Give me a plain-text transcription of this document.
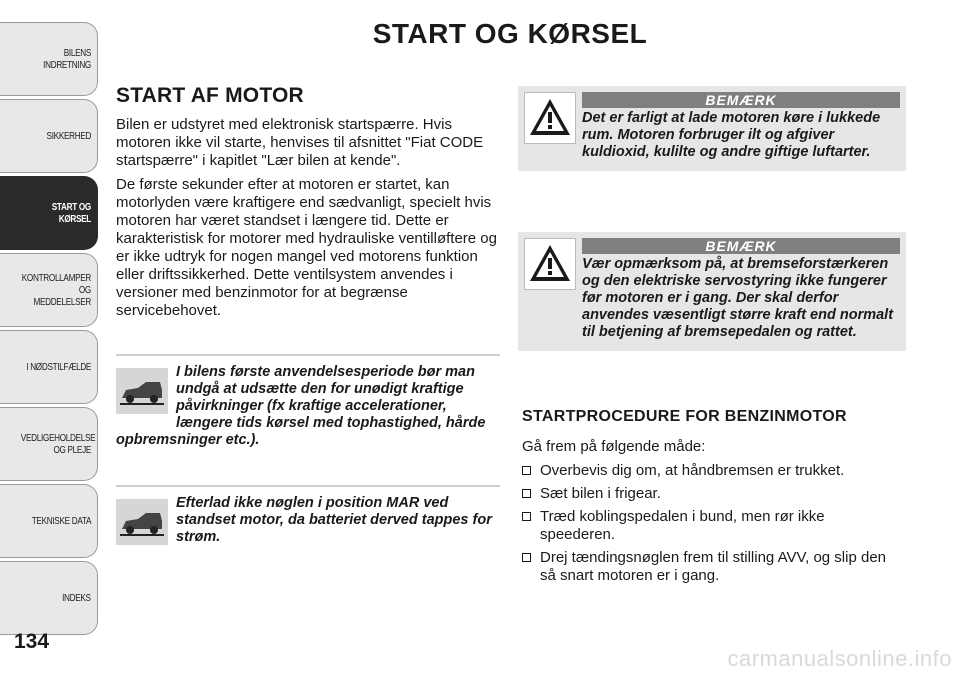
BILENS INDRETNING
SIKKERHED
START OG KØRSEL
KONTROLLAMPER OG MEDDELELSER
I NØDSTILFÆLDE
VEDLIGEHOLDELSE OG PLEJE
TEKNISKE DATA
INDEKS
134
START OG KØRSEL
START AF MOTOR

Bilen er udstyret med elektronisk startspærre. Hvis motoren ikke vil starte, henvises til afsnittet "Fiat CODE startspærre" i kapitlet "Lær bilen at kende".

De første sekunder efter at motoren er startet, kan motorlyden være kraftigere end sædvanligt, specielt hvis motoren har været standset i længere tid. Dette er karakteristisk for motorer med hydrauliske ventilløftere og er ikke udtryk for nogen mangel ved motorens funktion eller driftssikkerhed. Dette ventilsystem anvendes i versioner med benzinmotor for at begrænse servicebehovet.

I bilens første anvendelsesperiode bør man undgå at udsætte den for unødigt kraftige påvirkninger (fx kraftige accelerationer, længere tids kørsel med tophastighed, hårde opbremsninger etc.).
Efterlad ikke nøglen i position MAR ved standset motor, da batteriet derved tappes for strøm.
BEMÆRK
Det er farligt at lade motoren køre i lukkede rum. Motoren forbruger ilt og afgiver kuldioxid, kulilte og andre giftige luftarter.
BEMÆRK
Vær opmærksom på, at bremseforstærkeren og den elektriske servostyring ikke fungerer før motoren er i gang. Der skal derfor anvendes væsentligt større kraft end normalt til betjening af bremsepedalen og rattet.
STARTPROCEDURE FOR BENZINMOTOR
Gå frem på følgende måde:
Overbevis dig om, at håndbremsen er trukket.
Sæt bilen i frigear.
Træd koblingspedalen i bund, men rør ikke speederen.
Drej tændingsnøglen frem til stilling AVV, og slip den så snart motoren er i gang.
carmanualsonline.info
